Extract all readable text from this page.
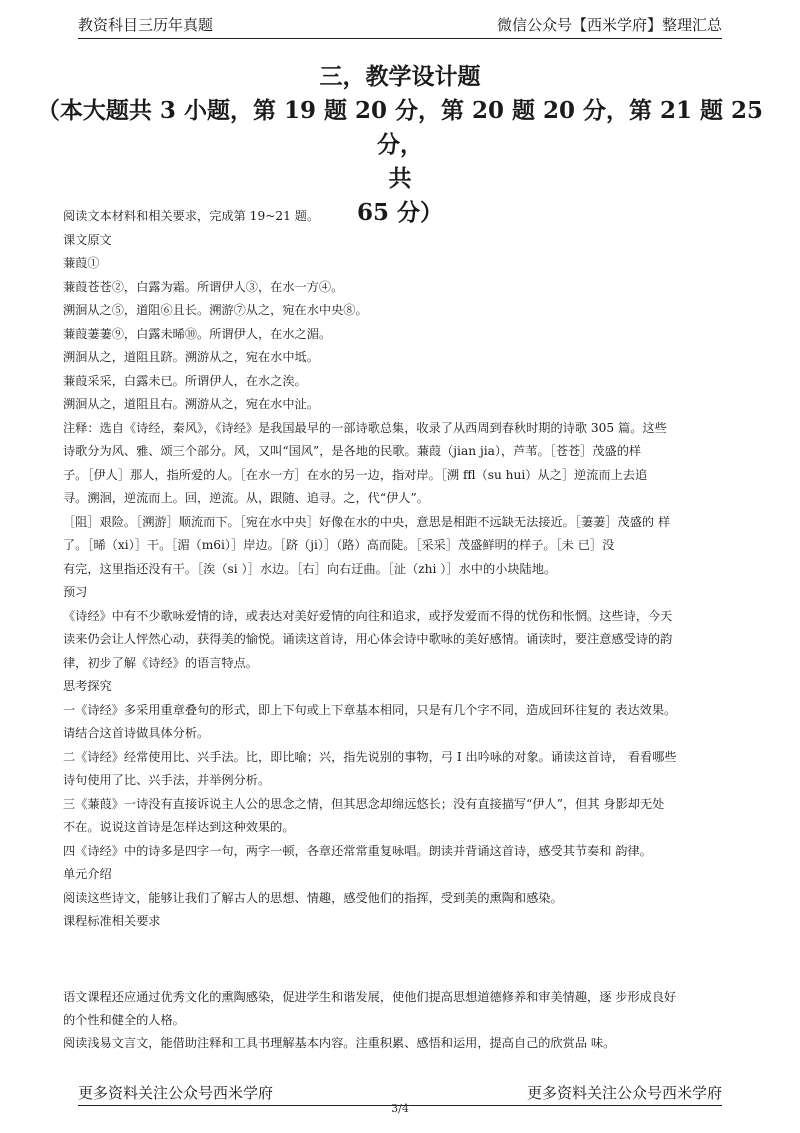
教资科目三历年真题	微信公众号【西米学府】整理汇总
三，教学设计题
（本大题共 3 小题，第 19 题 20 分，第 20 题 20 分，第 21 题 25 分，
共
65 分）

阅读文本材料和相关要求，完成第 19~21 题。

课文原文

蒹葭①

蒹葭苍苍②，白露为霜。所谓伊人③，在水一方④。

溯洄从之⑤，道阻⑥且长。溯游⑦从之，宛在水中央⑧。

蒹葭萋萋⑨，白露未晞⑩。所谓伊人，在水之湄。

溯洄从之，道阻且跻。溯游从之，宛在水中坻。

蒹葭采采，白露未已。所谓伊人，在水之涘。

溯洄从之，道阻且右。溯游从之，宛在水中沚。

注释：选自《诗经，秦风》，《诗经》是我国最早的一部诗歌总集，收录了从西周到春秋时期的诗歌 305 篇。这些

诗歌分为风、雅、颂三个部分。风，又叫“国风”，是各地的民歌。蒹葭（jian jia），芦苇。［苍苍］茂盛的样

子。［伊人］那人，指所爱的人。［在水一方］在水的另一边，指对岸。［溯 ffl（su hui）从之］逆流而上去追

寻。溯洄，逆流而上。回，逆流。从，跟随、追寻。之，代“伊人”。

［阻］艰险。［溯游］顺流而下。［宛在水中央］好像在水的中央，意思是相距不远缺无法接近。［萋萋］茂盛的 样

了。［晞（xi）］干。［湄（m6i）］岸边。［跻（ji）］（路）高而陡。［采采］茂盛鲜明的样子。［未 已］没

有完，这里指还没有干。［涘（si ）］水边。［右］向右迂曲。［沚（zhi ）］水中的小块陆地。

预习

《诗经》中有不少歌咏爱情的诗，或表达对美好爱情的向往和追求，或抒发爱而不得的忧伤和怅惘。这些诗，今天

读来仍会让人怦然心动，获得美的愉悦。诵读这首诗，用心体会诗中歌咏的美好感情。诵读时，要注意感受诗的韵

律，初步了解《诗经》的语言特点。

思考探究

一《诗经》多采用重章叠句的形式，即上下句或上下章基本相同，只是有几个字不同，造成回环往复的 表达效果。

请结合这首诗做具体分析。

二《诗经》经常使用比、兴手法。比，即比喻；兴，指先说别的事物，弓 I 出吟咏的对象。诵读这首诗， 看看哪些

诗句使用了比、兴手法，并举例分析。

三《蒹葭》一诗没有直接诉说主人公的思念之情，但其思念却绵远悠长；没有直接描写“伊人”，但其 身影却无处

不在。说说这首诗是怎样达到这种效果的。

四《诗经》中的诗多是四字一句，两字一顿，各章还常常重复咏唱。朗读并背诵这首诗，感受其节奏和 韵律。

单元介绍

阅读这些诗文，能够让我们了解古人的思想、情趣，感受他们的指挥，受到美的熏陶和感染。

课程标准相关要求

语文课程还应通过优秀文化的熏陶感染，促进学生和谐发展，使他们提高思想道德修养和审美情趣，逐 步形成良好

的个性和健全的人格。

阅读浅易文言文，能借助注释和工具书理解基本内容。注重积累、感悟和运用，提高自己的欣赏品 味。

更多资料关注公众号西米学府	更多资料关注公众号西米学府
3/4
